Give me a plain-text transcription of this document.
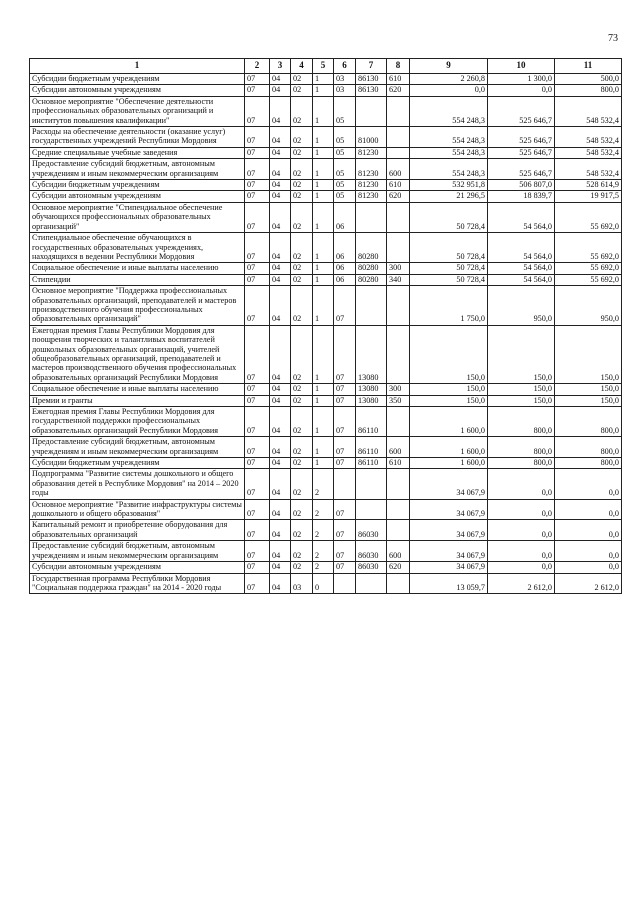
73
1	2	3	4	5	6	7	8	9	10	11
Субсидии бюджетным учреждениям	07	04	02	1	03	86130	610	2 260,8	1 300,0	500,0
Субсидии автономным учреждениям	07	04	02	1	03	86130	620	0,0	0,0	800,0
Основное мероприятие "Обеспечение деятельности профессиональных образовательных организаций и институтов повышения квалификации"	07	04	02	1	05			554 248,3	525 646,7	548 532,4
Расходы на обеспечение деятельности (оказание услуг) государственных учреждений Республики Мордовия	07	04	02	1	05	81000		554 248,3	525 646,7	548 532,4
Средние специальные учебные заведения	07	04	02	1	05	81230		554 248,3	525 646,7	548 532,4
Предоставление субсидий бюджетным, автономным учреждениям и иным некоммерческим организациям	07	04	02	1	05	81230	600	554 248,3	525 646,7	548 532,4
Субсидии бюджетным учреждениям	07	04	02	1	05	81230	610	532 951,8	506 807,0	528 614,9
Субсидии автономным учреждениям	07	04	02	1	05	81230	620	21 296,5	18 839,7	19 917,5
Основное мероприятие "Стипендиальное обеспечение обучающихся профессиональных образовательных организаций"	07	04	02	1	06			50 728,4	54 564,0	55 692,0
Стипендиальное обеспечение обучающихся в государственных образовательных учреждениях, находящихся в ведении Республики Мордовия	07	04	02	1	06	80280		50 728,4	54 564,0	55 692,0
Социальное обеспечение и иные выплаты населению	07	04	02	1	06	80280	300	50 728,4	54 564,0	55 692,0
Стипендии	07	04	02	1	06	80280	340	50 728,4	54 564,0	55 692,0
Основное мероприятие "Поддержка профессиональных образовательных организаций, преподавателей и мастеров производственного обучения профессиональных образовательных организаций"	07	04	02	1	07			1 750,0	950,0	950,0
Ежегодная премия Главы Республики Мордовия для поощрения творческих и талантливых воспитателей дошкольных образовательных организаций, учителей общеобразовательных организаций, преподавателей и мастеров производственного обучения профессиональных образовательных организаций Республики Мордовия	07	04	02	1	07	13080		150,0	150,0	150,0
Социальное обеспечение и иные выплаты населению	07	04	02	1	07	13080	300	150,0	150,0	150,0
Премии и гранты	07	04	02	1	07	13080	350	150,0	150,0	150,0
Ежегодная премия Главы Республики Мордовия для государственной поддержки профессиональных образовательных организаций Республики Мордовия	07	04	02	1	07	86110		1 600,0	800,0	800,0
Предоставление субсидий бюджетным, автономным учреждениям и иным некоммерческим организациям	07	04	02	1	07	86110	600	1 600,0	800,0	800,0
Субсидии бюджетным учреждениям	07	04	02	1	07	86110	610	1 600,0	800,0	800,0
Подпрограмма "Развитие системы дошкольного и общего образования детей в Республике Мордовия" на 2014 – 2020 годы	07	04	02	2				34 067,9	0,0	0,0
Основное мероприятие "Развитие инфраструктуры системы дошкольного и общего образования"	07	04	02	2	07			34 067,9	0,0	0,0
Капитальный ремонт и приобретение оборудования для образовательных организаций	07	04	02	2	07	86030		34 067,9	0,0	0,0
Предоставление субсидий бюджетным, автономным учреждениям и иным некоммерческим организациям	07	04	02	2	07	86030	600	34 067,9	0,0	0,0
Субсидии автономным учреждениям	07	04	02	2	07	86030	620	34 067,9	0,0	0,0
Государственная программа Республики Мордовия "Социальная поддержка граждан" на 2014 - 2020 годы	07	04	03	0				13 059,7	2 612,0	2 612,0
